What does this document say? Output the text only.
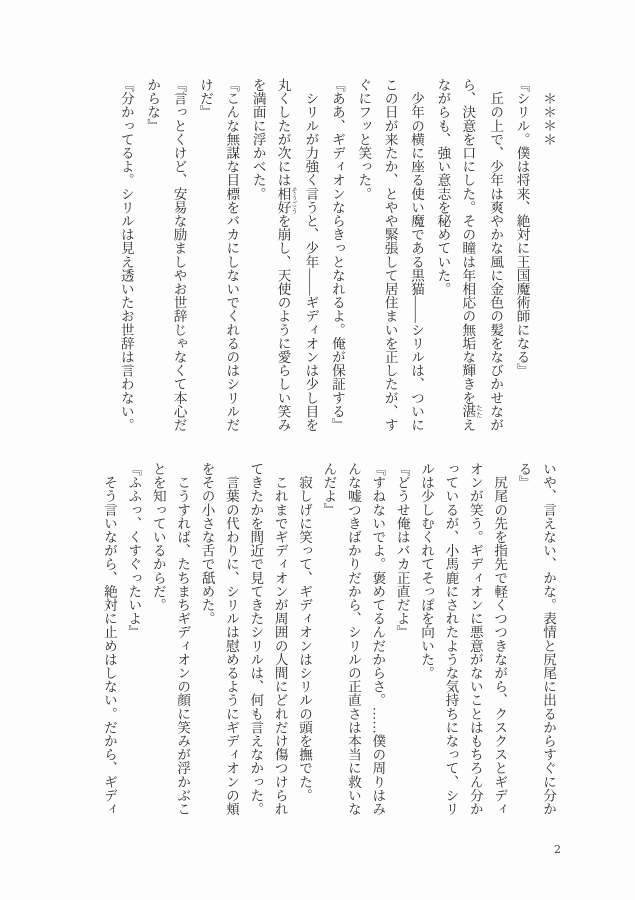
　＊＊＊＊
『シリル。僕は将来、絶対に王国魔術師になる』
　丘の上で、少年は爽やかな風に金色の髪をなびかせなが
ら、決意を口にした。その瞳は年相応の無垢な輝きを湛 たたえ
ながらも、強い意志を秘めていた。
　少年の横に座る使い魔である黒猫――シリルは、ついに
この日が来たか、とやや緊張して居住まいを正したが、す
ぐにフッと笑った。
『ああ、ギディオンならきっとなれるよ。俺が保証する』
　シリルが力強く言うと、少年――ギディオンは少し目を
丸くしたが次には相好 そうごうを崩し、天使のように愛らしい笑み
を満面に浮かべた。
『こんな無謀な目標をバカにしないでくれるのはシリルだ
けだ』
『言っとくけど、安易な励ましやお世辞じゃなくて本心だ
からな』
『分かってるよ。シリルは見え透いたお世辞は言わない。
いや、言えない、かな。表情と尻尾に出るからすぐに分か
る』
　尻尾の先を指先で軽くつつきながら、クスクスとギディ
オンが笑う。ギディオンに悪意がないことはもちろん分か
っているが、小馬鹿にされたような気持ちになって、シリ
ルは少しむくれてそっぽを向いた。
『どうせ俺はバカ正直だよ』
『すねないでよ。褒めてるんだからさ。……僕の周りはみ
んな嘘つきばかりだから、シリルの正直さは本当に救いな
んだよ』
　寂しげに笑って、ギディオンはシリルの頭を撫でた。
　これまでギディオンが周囲の人間にどれだけ傷つけられ
てきたかを間近で見てきたシリルは、何も言えなかった。
　言葉の代わりに、シリルは慰めるようにギディオンの頬
をその小さな舌で舐めた。
　こうすれば、たちまちギディオンの顔に笑みが浮かぶこ
とを知っているからだ。
『ふふっ、くすぐったいよ』
　そう言いながら、絶対に止めはしない。だから、ギディ
2
